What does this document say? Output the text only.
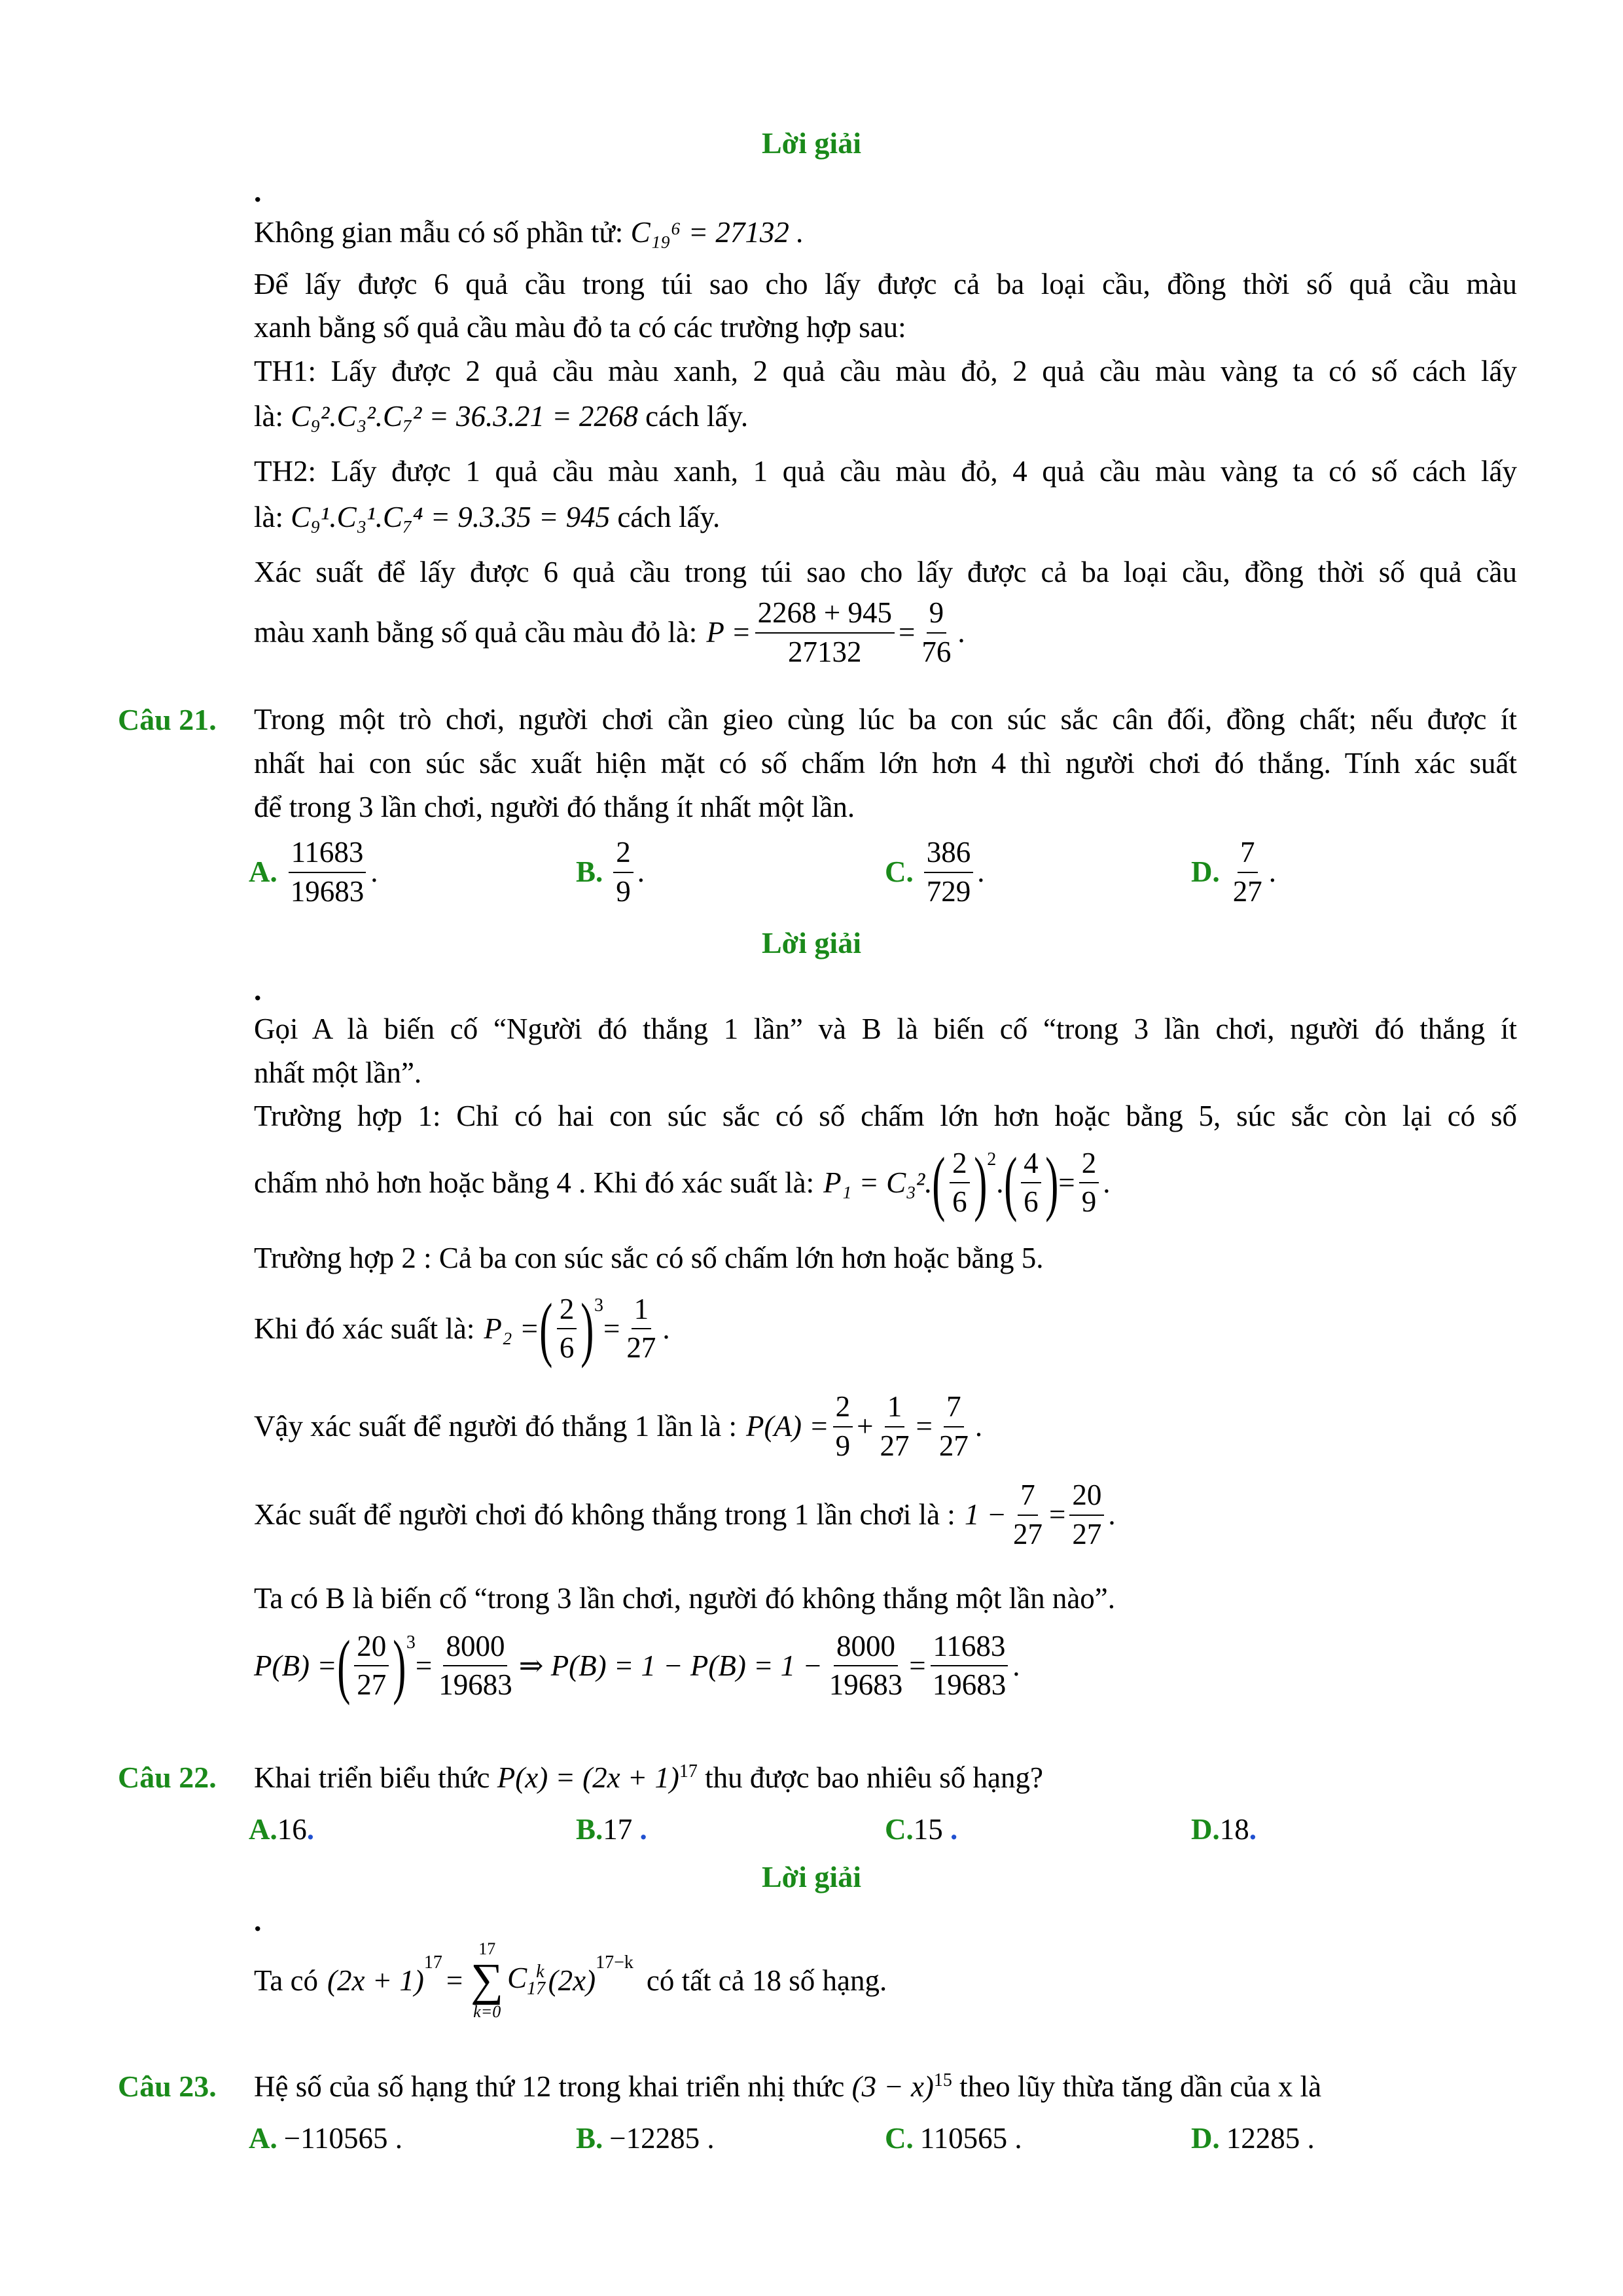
Lời giải
.
Không gian mẫu có số phần tử: C₁₉⁶ = 27132 .
Để lấy được 6 quả cầu trong túi sao cho lấy được cả ba loại cầu, đồng thời số quả cầu màu
xanh bằng số quả cầu màu đỏ ta có các trường hợp sau:
TH1: Lấy được 2 quả cầu màu xanh, 2 quả cầu màu đỏ, 2 quả cầu màu vàng ta có số cách lấy
là: C₉².C₃².C₇² = 36.3.21 = 2268 cách lấy.
TH2: Lấy được 1 quả cầu màu xanh, 1 quả cầu màu đỏ, 4 quả cầu màu vàng ta có số cách lấy
là: C₉¹.C₃¹.C₇⁴ = 9.3.35 = 945 cách lấy.
Xác suất để lấy được 6 quả cầu trong túi sao cho lấy được cả ba loại cầu, đồng thời số quả cầu
màu xanh bằng số quả cầu màu đỏ là: $P = \frac{2268 + 945}{27132} = \frac{9}{76}$ .
Câu 21. Trong một trò chơi, người chơi cần gieo cùng lúc ba con súc sắc cân đối, đồng chất; nếu được ít
nhất hai con súc sắc xuất hiện mặt có số chấm lớn hơn 4 thì người chơi đó thắng. Tính xác suất
để trong 3 lần chơi, người đó thắng ít nhất một lần.
A. $\frac{11683}{19683}$ .	B. $\frac{2}{9}$ .	C. $\frac{386}{729}$ .	D. $\frac{7}{27}$ .
Lời giải
.
Gọi A là biến cố “Người đó thắng 1 lần” và B là biến cố “trong 3 lần chơi, người đó thắng ít
nhất một lần”.
Trường hợp 1: Chỉ có hai con súc sắc có số chấm lớn hơn hoặc bằng 5, súc sắc còn lại có số
chấm nhỏ hơn hoặc bằng 4 . Khi đó xác suất là: P₁ = C₃². ( $\frac{2}{6} )^2$
. ( $\frac{4}{6}$ ) = $\frac{2}{9}$ .
Trường hợp 2 : Cả ba con súc sắc có số chấm lớn hơn hoặc bằng 5.
Khi đó xác suất là: P₂ = ( $\frac{2}{6} )^3$
= $\frac{1}{27}$ .
Vậy xác suất để người đó thắng 1 lần là : $P(A) = \frac{2}{9} + \frac{1}{27} = \frac{7}{27}$ .
Xác suất để người chơi đó không thắng trong 1 lần chơi là : $1 - \frac{7}{27} = \frac{20}{27}$ .
Ta có B là biến cố “trong 3 lần chơi, người đó không thắng một lần nào”.
P(B) = ( $\frac{20}{27} )^3$
= $\frac{8000}{19683}$ ⇒ $P(B) = 1 - P(B) = 1 - \frac{8000}{19683} = \frac{11683}{19683}$ .
Câu 22. Khai triển biểu thức $P(x) = (2x + 1)^{17}$ thu được bao nhiêu số hạng?
A. 16 .	B. 17 .	C. 15 .	D. 18 .
Lời giải
.
Ta có (2x + 1)
$^{17}$
=
17
∑
k=0
$C_{17}^k$ (2x)
$^{17-k}$
có tất cả 18 số hạng.
Câu 23. Hệ số của số hạng thứ 12 trong khai triển nhị thức $(3 - x)^{15}$ theo lũy thừa tăng dần của x là
A. −110565 .	B. −12285 .	C. 110565 .	D. 12285 .
